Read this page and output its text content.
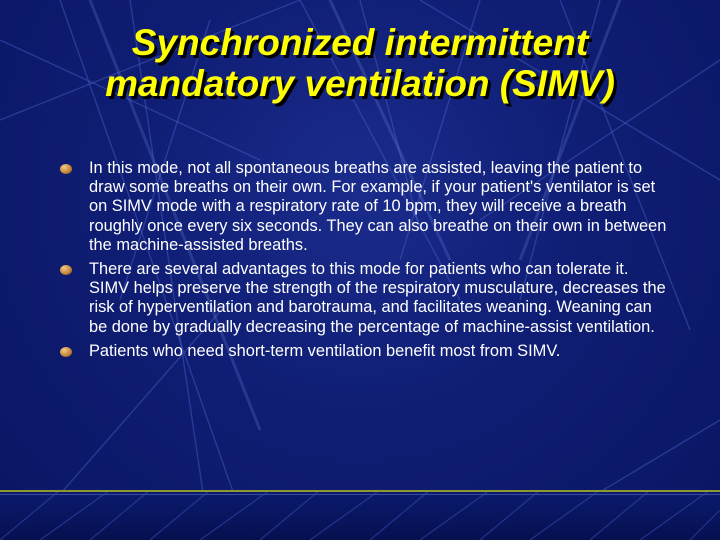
Synchronized intermittent mandatory ventilation (SIMV)
In this mode, not all spontaneous breaths are assisted, leaving the patient to draw some breaths on their own. For example, if your patient's ventilator is set on SIMV mode with a respiratory rate of 10 bpm, they will receive a breath roughly once every six seconds. They can also breathe on their own in between the machine-assisted breaths.
There are several advantages to this mode for patients who can tolerate it. SIMV helps preserve the strength of the respiratory musculature, decreases the risk of hyperventilation and barotrauma, and facilitates weaning. Weaning can be done by gradually decreasing the percentage of machine-assist ventilation.
Patients who need short-term ventilation benefit most from SIMV.
